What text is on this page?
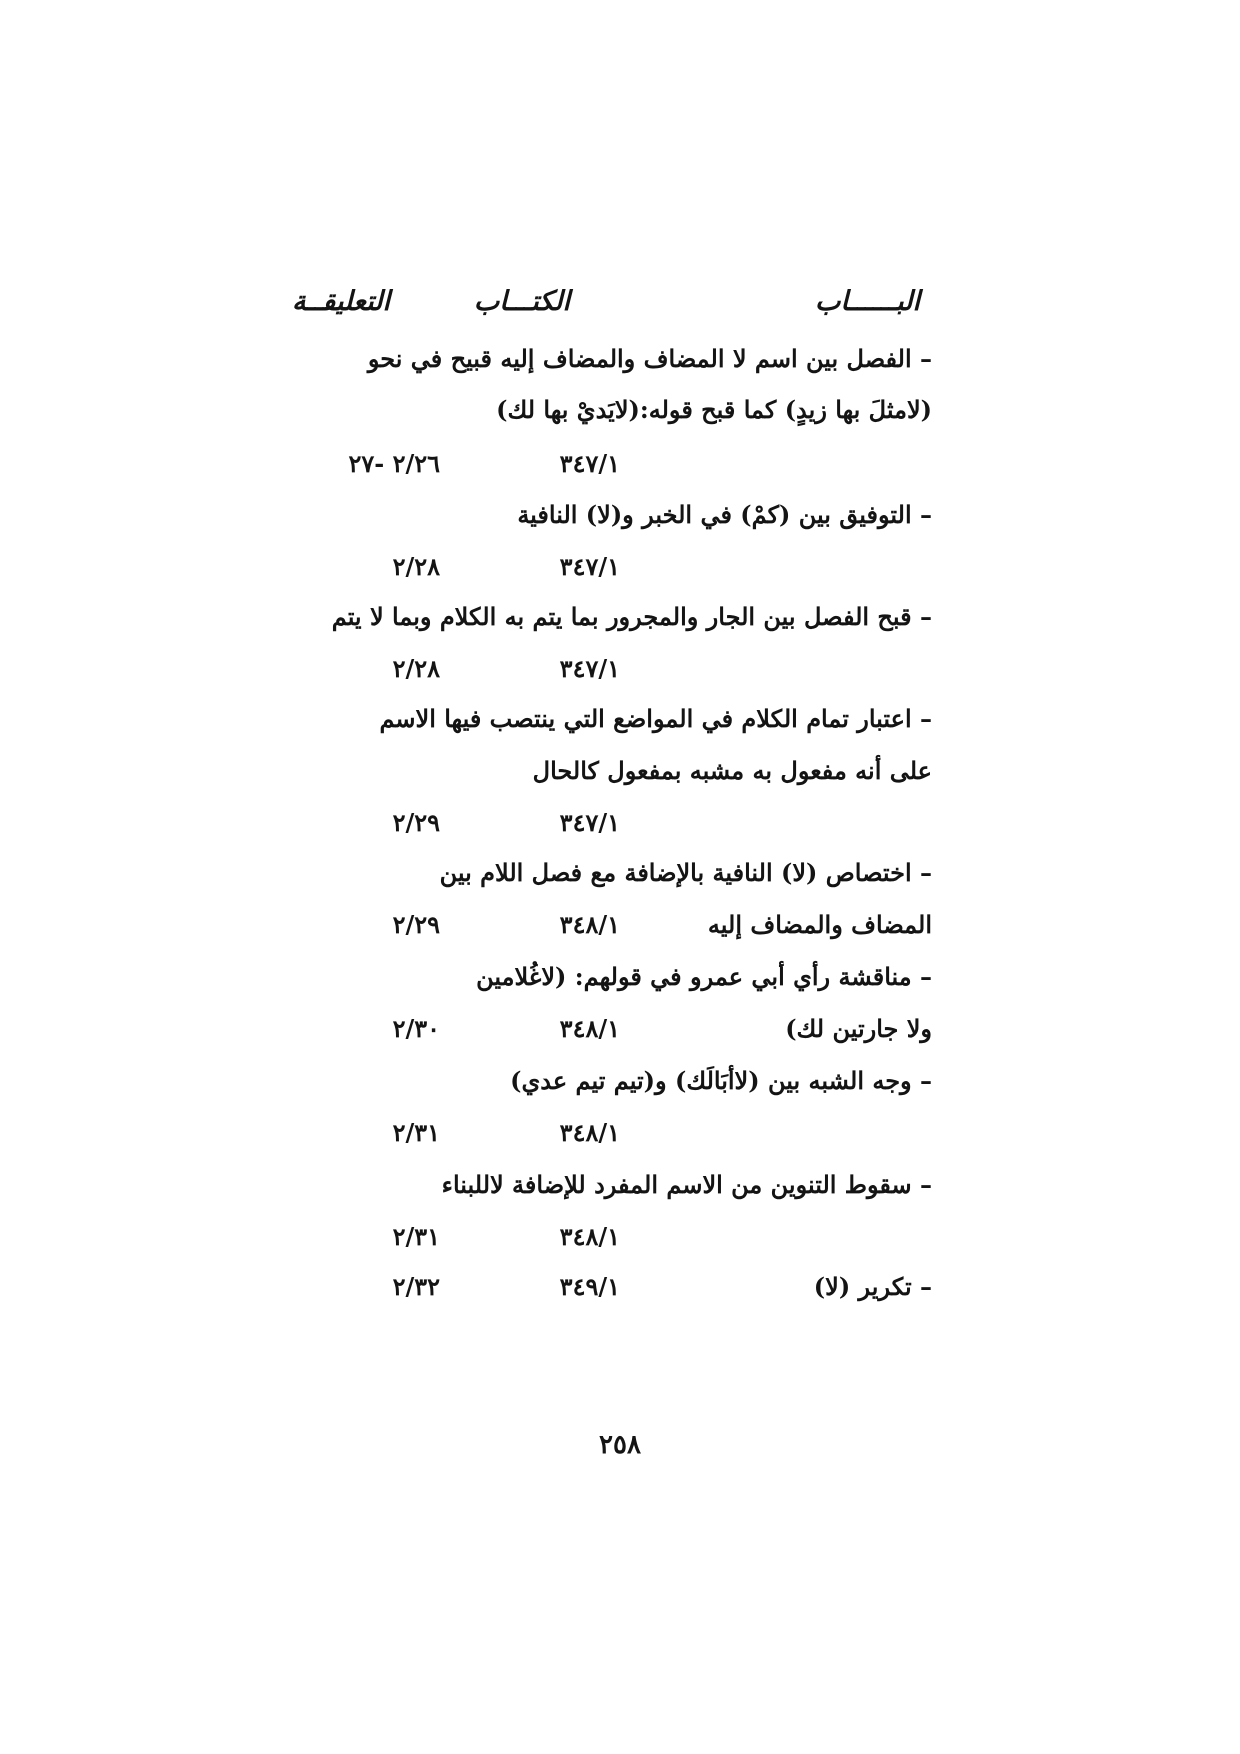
البــــــاب
الكتـــاب
التعليقــة
– الفصل بين اسم لا المضاف والمضاف إليه قبيح في نحو
(لامثلَ بها زيدٍ) كما قبح قوله:(لايَديْ بها لك)
٣٤٧/١
٢/٢٦ -٢٧
– التوفيق بين (كمْ) في الخبر و(لا) النافية
٣٤٧/١
٢/٢٨
– قبح الفصل بين الجار والمجرور بما يتم به الكلام وبما لا يتم
٣٤٧/١
٢/٢٨
– اعتبار تمام الكلام في المواضع التي ينتصب فيها الاسم
على أنه مفعول به مشبه بمفعول كالحال
٣٤٧/١
٢/٢٩
– اختصاص (لا) النافية بالإضافة مع فصل اللام بين
المضاف والمضاف إليه
٣٤٨/١
٢/٢٩
– مناقشة رأي أبي عمرو في قولهم: (لاغُلامين
ولا جارتين لك)
٣٤٨/١
٢/٣٠
– وجه الشبه بين (لاأبَالَك) و(تيم تيم عدي)
٣٤٨/١
٢/٣١
– سقوط التنوين من الاسم المفرد للإضافة لاللبناء
٣٤٨/١
٢/٣١
– تكرير (لا)
٣٤٩/١
٢/٣٢
٢٥٨
